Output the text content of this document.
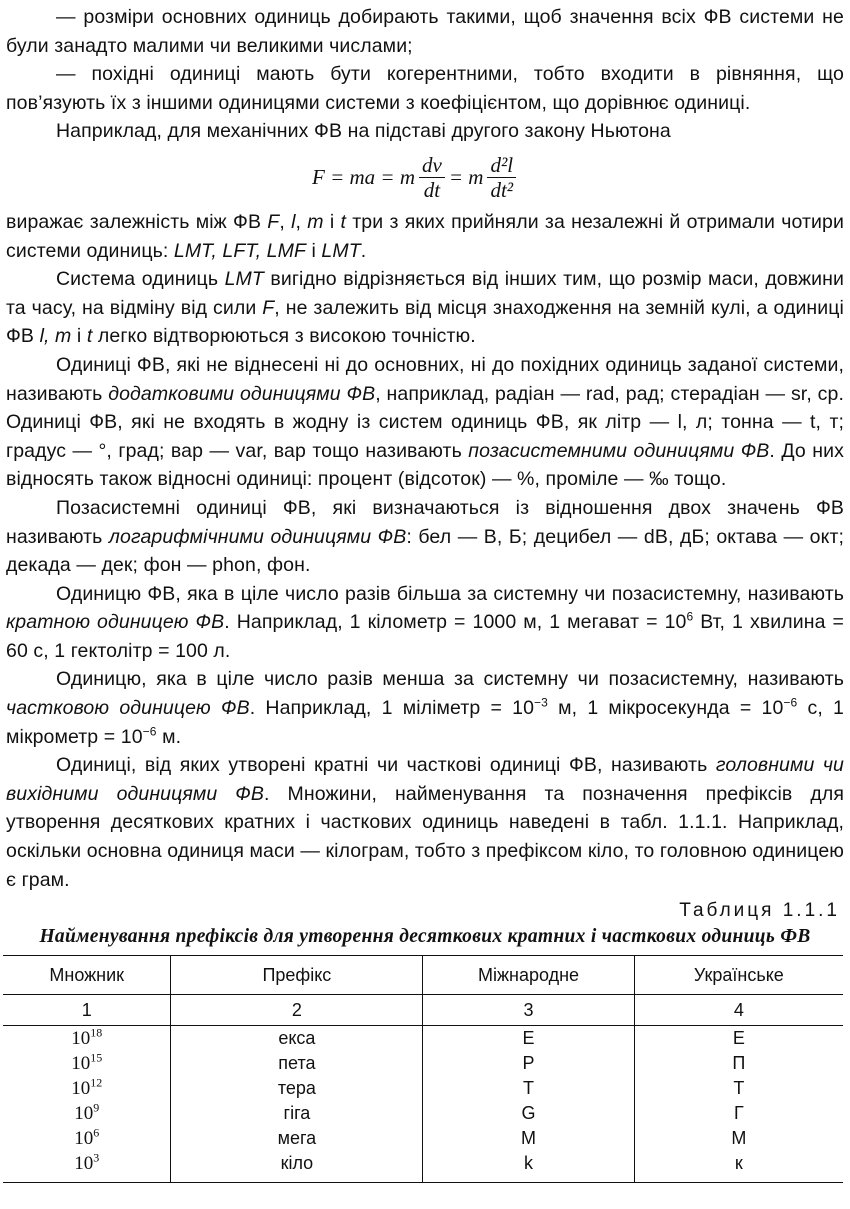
— розміри основних одиниць добирають такими, щоб значення всіх ФВ системи не були занадто малими чи великими числами;

— похідні одиниці мають бути когерентними, тобто входити в рівняння, що пов’язують їх з іншими одиницями системи з коефіцієнтом, що дорівнює одиниці.

Наприклад, для механічних ФВ на підставі другого закону Ньютона

F = ma = m $\frac{dv}{dt} = m \frac{\text{d²l}}{\text{dt²}}$

виражає залежність між ФВ F, l, m і t три з яких прийняли за незалежні й отримали чотири системи одиниць: LMT, LFT, LMF і LMT.

Система одиниць LMT вигідно відрізняється від інших тим, що розмір маси, довжини та часу, на відміну від сили F, не залежить від місця знаходження на земній кулі, а одиниці ФВ l, m і t легко відтворюються з високою точністю.

Одиниці ФВ, які не віднесені ні до основних, ні до похідних одиниць заданої системи, називають додатковими одиницями ФВ, наприклад, радіан — rad, рад; стерадіан — sr, ср. Одиниці ФВ, які не входять в жодну із систем одиниць ФВ, як літр — l, л; тонна — t, т; градус — °, град; вар — var, вар тощо називають позасистемними одиницями ФВ. До них відносять також відносні одиниці: процент (відсоток) — %, проміле — ‰ тощо.

Позасистемні одиниці ФВ, які визначаються із відношення двох значень ФВ називають логарифмічними одиницями ФВ: бел — B, Б; децибел — dB, дБ; октава — окт; декада — дек; фон — phon, фон.

Одиницю ФВ, яка в ціле число разів більша за системну чи позасистемну, називають кратною одиницею ФВ. Наприклад, 1 кілометр = 1000 м, 1 мегават = $10^6$ Вт, 1 хвилина = 60 с, 1 гектолітр = 100 л.

Одиницю, яка в ціле число разів менша за системну чи позасистемну, називають частковою одиницею ФВ. Наприклад, 1 міліметр = $10^{-3}$ м, 1 мікросекунда = $10^{-6}$ с, 1 мікрометр = $10^{-6}$ м.

Одиниці, від яких утворені кратні чи часткові одиниці ФВ, називають головними чи вихідними одиницями ФВ. Множини, найменування та позначення префіксів для утворення десяткових кратних і часткових одиниць наведені в табл. 1.1.1. Наприклад, оскільки основна одиниця маси — кілограм, тобто з префіксом кіло, то головною одиницею є грам.

Таблиця 1.1.1
Найменування префіксів для утворення десяткових кратних і часткових одиниць ФВ
Множник	Префікс	Міжнародне	Українське
1	2	3	4
$10^{18}$	екса	E	Е
$10^{15}$	пета	P	П
$10^{12}$	тера	T	Т
$10^9$	гіга	G	Г
$10^6$	мега	M	М
$10^3$	кіло	k	к
